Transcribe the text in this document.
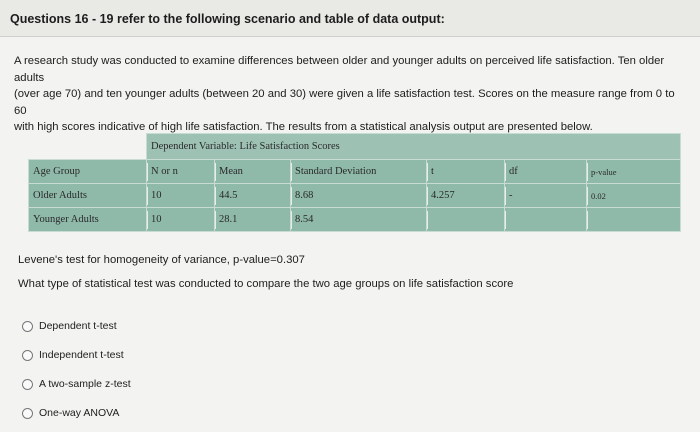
Questions 16 - 19 refer to the following scenario and table of data output:

A research study was conducted to examine differences between older and younger adults on perceived life satisfaction. Ten older adults

(over age 70) and ten younger adults (between 20 and 30) were given a life satisfaction test. Scores on the measure range from 0 to 60

with high scores indicative of high life satisfaction. The results from a statistical analysis output are presented below.

	Dependent Variable: Life Satisfaction Scores					
Age Group	N or n	Mean	Standard Deviation	t	df	p-value

Older Adults	10	44.5	8.68	4.257	-	0.02

Younger Adults	10	28.1	8.54			

Levene's test for homogeneity of variance, p-value=0.307
What type of statistical test was conducted to compare the two age groups on life satisfaction score
Dependent t-test
Independent t-test
A two-sample z-test
One-way ANOVA
